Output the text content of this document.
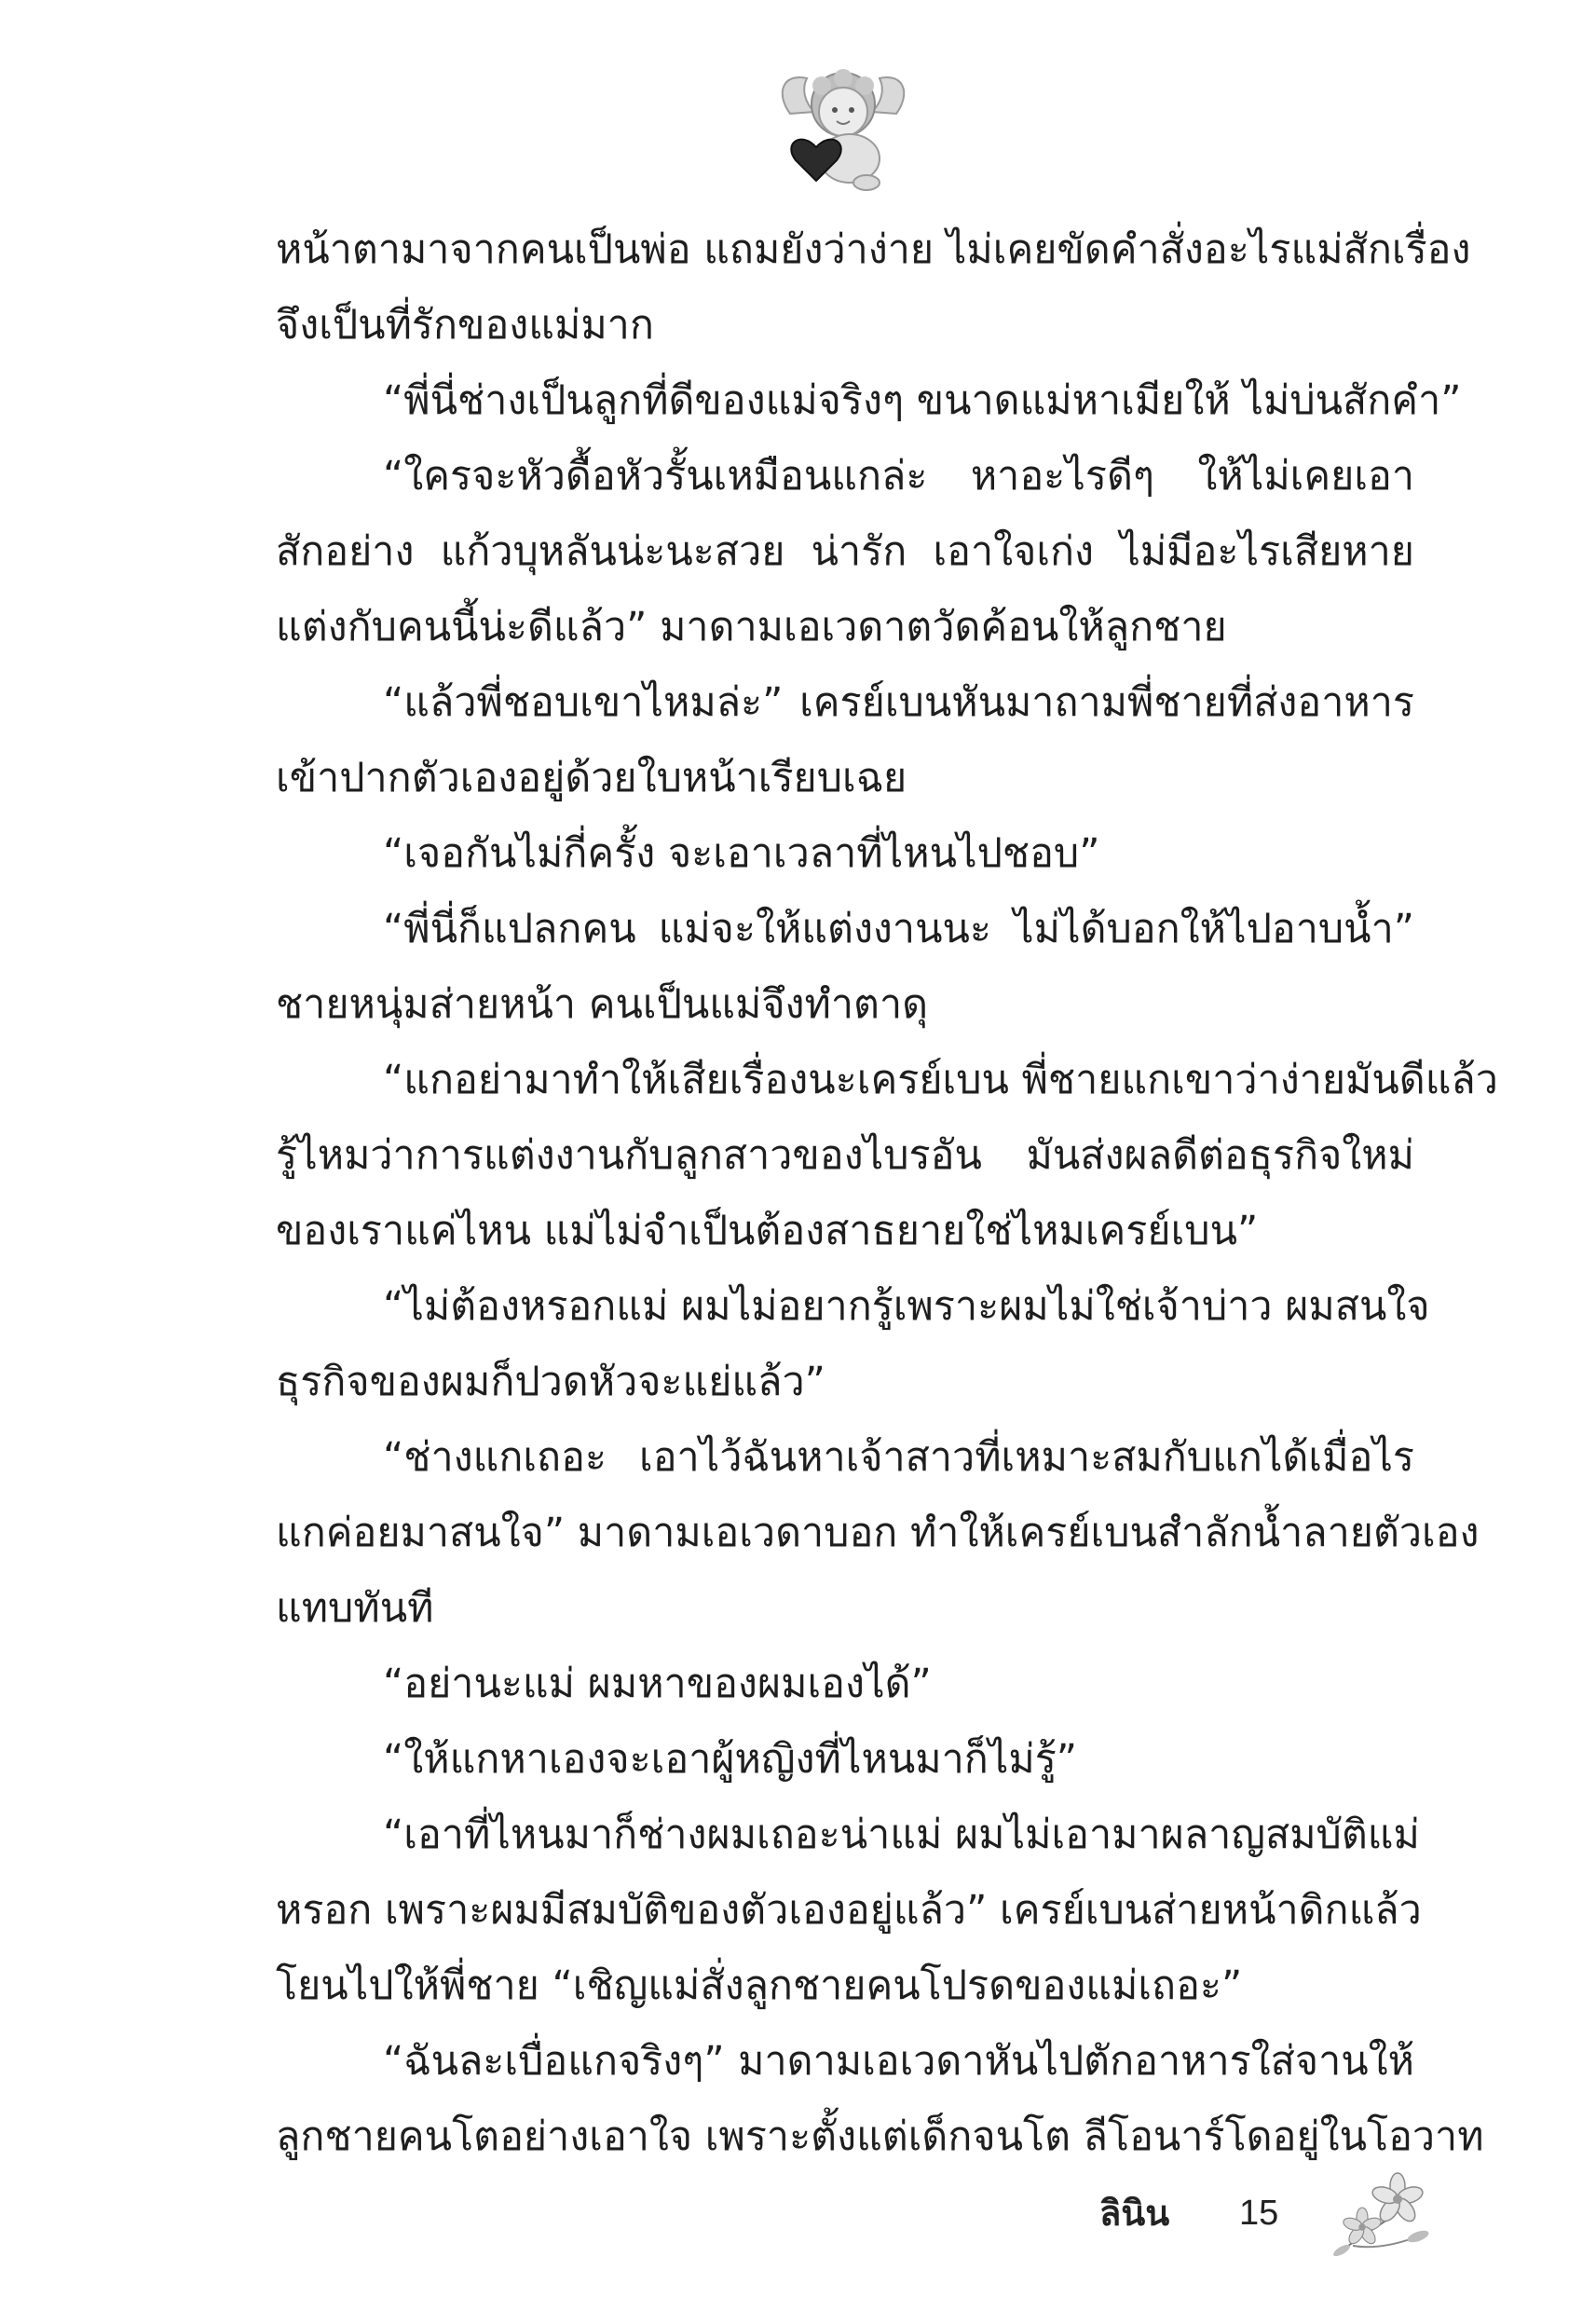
หน้าตามาจากคนเป็นพ่อ แถมยังว่าง่าย ไม่เคยขัดคำสั่งอะไรแม่สักเรื่อง
จึงเป็นที่รักของแม่มาก
“พี่นี่ช่างเป็นลูกที่ดีของแม่จริงๆ ขนาดแม่หาเมียให้ ไม่บ่นสักคำ”
“ใครจะหัวดื้อหัวรั้นเหมือนแกล่ะ หาอะไรดีๆ ให้ไม่เคยเอา
สักอย่าง แก้วบุหลันน่ะนะสวย น่ารัก เอาใจเก่ง ไม่มีอะไรเสียหาย
แต่งกับคนนี้น่ะดีแล้ว” มาดามเอเวดาตวัดค้อนให้ลูกชาย
“แล้วพี่ชอบเขาไหมล่ะ” เครย์เบนหันมาถามพี่ชายที่ส่งอาหาร
เข้าปากตัวเองอยู่ด้วยใบหน้าเรียบเฉย
“เจอกันไม่กี่ครั้ง จะเอาเวลาที่ไหนไปชอบ”
“พี่นี่ก็แปลกคน แม่จะให้แต่งงานนะ ไม่ได้บอกให้ไปอาบน้ำ”
ชายหนุ่มส่ายหน้า คนเป็นแม่จึงทำตาดุ
“แกอย่ามาทำให้เสียเรื่องนะเครย์เบน พี่ชายแกเขาว่าง่ายมันดีแล้ว
รู้ไหมว่าการแต่งงานกับลูกสาวของไบรอัน มันส่งผลดีต่อธุรกิจใหม่
ของเราแค่ไหน แม่ไม่จำเป็นต้องสาธยายใช่ไหมเครย์เบน”
“ไม่ต้องหรอกแม่ ผมไม่อยากรู้เพราะผมไม่ใช่เจ้าบ่าว ผมสนใจ
ธุรกิจของผมก็ปวดหัวจะแย่แล้ว”
“ช่างแกเถอะ เอาไว้ฉันหาเจ้าสาวที่เหมาะสมกับแกได้เมื่อไร
แกค่อยมาสนใจ” มาดามเอเวดาบอก ทำให้เครย์เบนสำลักน้ำลายตัวเอง
แทบทันที
“อย่านะแม่ ผมหาของผมเองได้”
“ให้แกหาเองจะเอาผู้หญิงที่ไหนมาก็ไม่รู้”
“เอาที่ไหนมาก็ช่างผมเถอะน่าแม่ ผมไม่เอามาผลาญสมบัติแม่
หรอก เพราะผมมีสมบัติของตัวเองอยู่แล้ว” เครย์เบนส่ายหน้าดิกแล้ว
โยนไปให้พี่ชาย “เชิญแม่สั่งลูกชายคนโปรดของแม่เถอะ”
“ฉันละเบื่อแกจริงๆ” มาดามเอเวดาหันไปตักอาหารใส่จานให้
ลูกชายคนโตอย่างเอาใจ เพราะตั้งแต่เด็กจนโต ลีโอนาร์โดอยู่ในโอวาท
ลินิน 15
